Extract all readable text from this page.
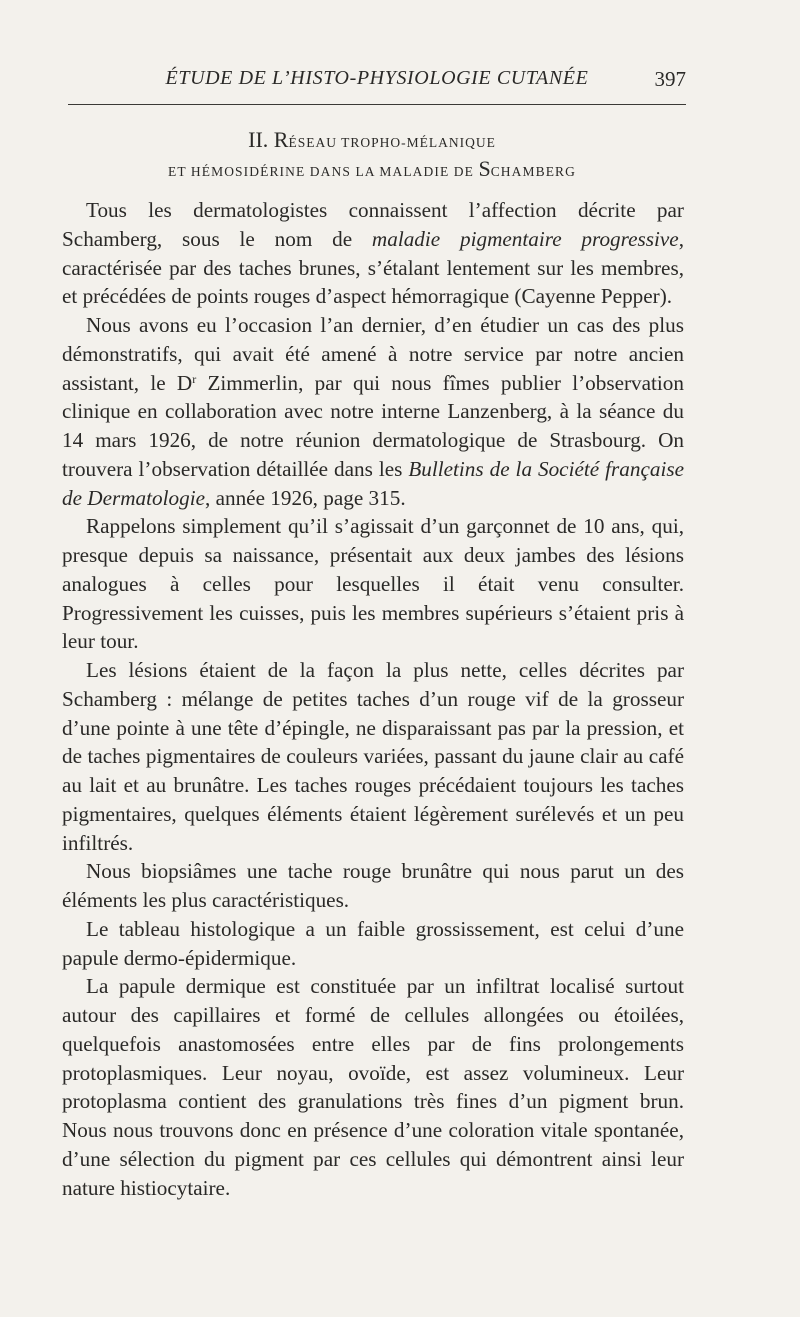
ÉTUDE DE L’HISTO-PHYSIOLOGIE CUTANÉE	397
II. RÉSEAU TROPHO-MÉLANIQUE
ET HÉMOSIDÉRINE DANS LA MALADIE DE SCHAMBERG

Tous les dermatologistes connaissent l’affection décrite par Schamberg, sous le nom de maladie pigmentaire progressive, caractérisée par des taches brunes, s’étalant lentement sur les membres, et précédées de points rouges d’aspect hémorragique (Cayenne Pepper).

Nous avons eu l’occasion l’an dernier, d’en étudier un cas des plus démonstratifs, qui avait été amené à notre service par notre ancien assistant, le $D^r$ Zimmerlin, par qui nous fîmes publier l’observation clinique en collaboration avec notre interne Lanzenberg, à la séance du 14 mars 1926, de notre réunion dermatologique de Strasbourg. On trouvera l’observation détaillée dans les Bulletins de la Société française de Dermatologie, année 1926, page 315.

Rappelons simplement qu’il s’agissait d’un garçonnet de 10 ans, qui, presque depuis sa naissance, présentait aux deux jambes des lésions analogues à celles pour lesquelles il était venu consulter. Progressivement les cuisses, puis les membres supérieurs s’étaient pris à leur tour.

Les lésions étaient de la façon la plus nette, celles décrites par Schamberg : mélange de petites taches d’un rouge vif de la grosseur d’une pointe à une tête d’épingle, ne disparaissant pas par la pression, et de taches pigmentaires de couleurs variées, passant du jaune clair au café au lait et au brunâtre. Les taches rouges précédaient toujours les taches pigmentaires, quelques éléments étaient légèrement surélevés et un peu infiltrés.

Nous biopsiâmes une tache rouge brunâtre qui nous parut un des éléments les plus caractéristiques.

Le tableau histologique a un faible grossissement, est celui d’une papule dermo-épidermique.

La papule dermique est constituée par un infiltrat localisé surtout autour des capillaires et formé de cellules allongées ou étoilées, quelquefois anastomosées entre elles par de fins prolongements protoplasmiques. Leur noyau, ovoïde, est assez volumineux. Leur protoplasma contient des granulations très fines d’un pigment brun. Nous nous trouvons donc en présence d’une coloration vitale spontanée, d’une sélection du pigment par ces cellules qui démontrent ainsi leur nature histiocytaire.
